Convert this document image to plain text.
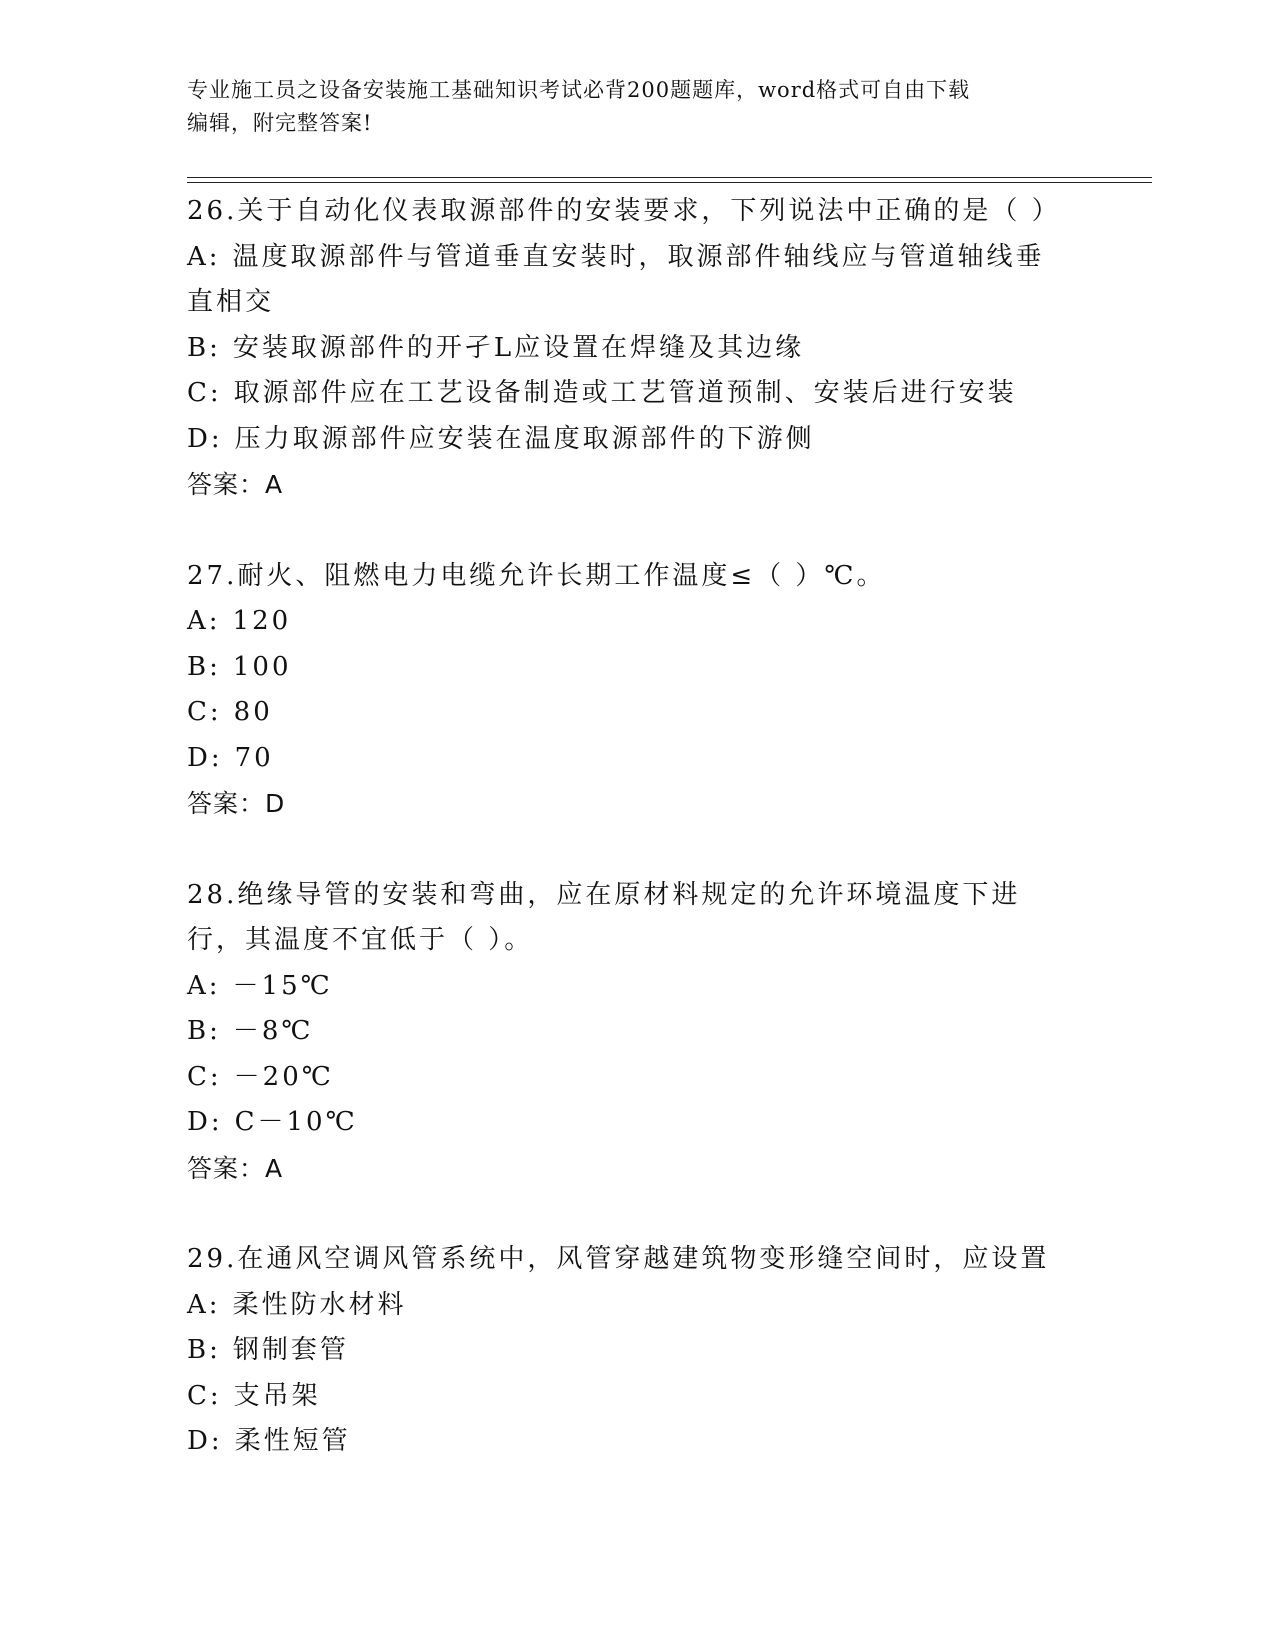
专业施工员之设备安装施工基础知识考试必背200题题库，word格式可自由下载
编辑，附完整答案!
26.关于自动化仪表取源部件的安装要求，下列说法中正确的是（ ）
A: 温度取源部件与管道垂直安装时，取源部件轴线应与管道轴线垂直相交
B: 安装取源部件的开孑L应设置在焊缝及其边缘
C: 取源部件应在工艺设备制造或工艺管道预制、安装后进行安装
D: 压力取源部件应安装在温度取源部件的下游侧
答案：A
27.耐火、阻燃电力电缆允许长期工作温度≤（ ）℃。
A: 120
B: 100
C: 80
D: 70
答案：D
28.绝缘导管的安装和弯曲，应在原材料规定的允许环境温度下进行，其温度不宜低于（ ）。
A: －15℃
B: －8℃
C: －20℃
D: C－10℃
答案：A
29.在通风空调风管系统中，风管穿越建筑物变形缝空间时，应设置
A: 柔性防水材料
B: 钢制套管
C: 支吊架
D: 柔性短管
